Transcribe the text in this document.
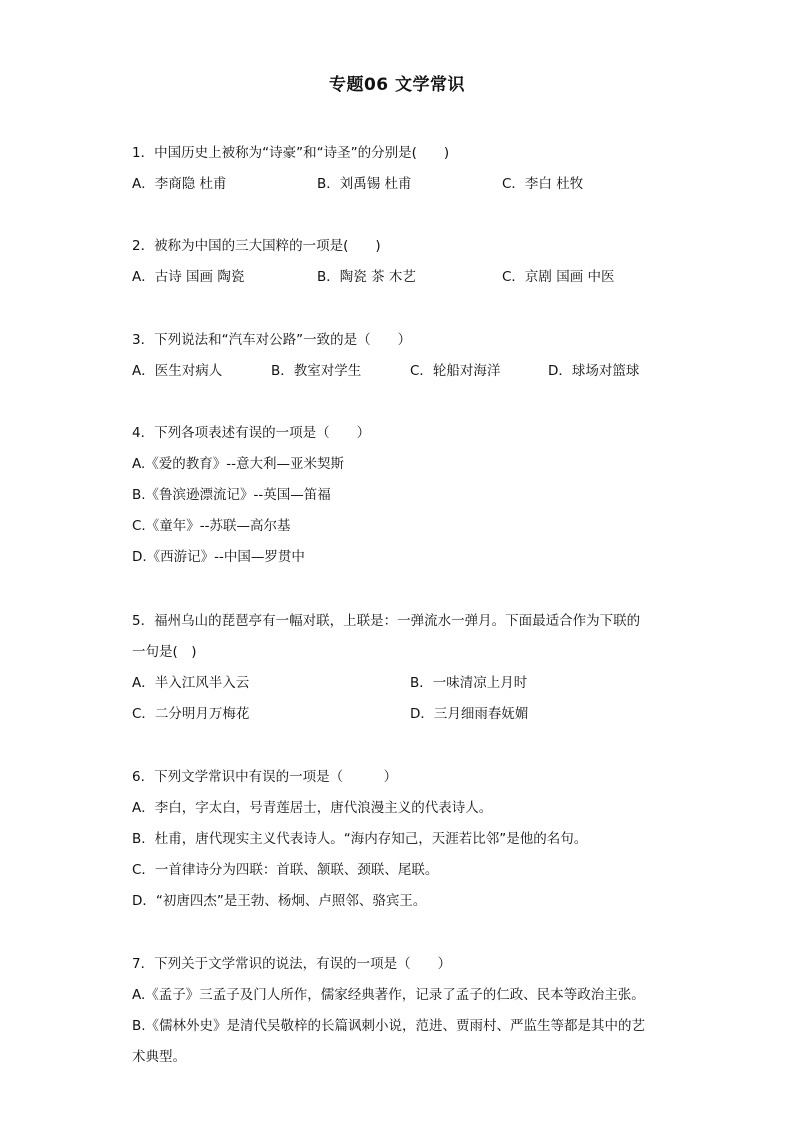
专题06 文学常识
1．中国历史上被称为“诗豪”和“诗圣”的分别是(　　)
A．李商隐 杜甫	B．刘禹锡 杜甫	C．李白 杜牧
2．被称为中国的三大国粹的一项是(　　)
A．古诗 国画 陶瓷	B．陶瓷 茶 木艺	C．京剧 国画 中医
3．下列说法和“汽车对公路”一致的是（　　）
A．医生对病人	B．教室对学生	C．轮船对海洋	D．球场对篮球
4．下列各项表述有误的一项是（　　）
A.《爱的教育》--意大利—亚米契斯
B.《鲁滨逊漂流记》--英国—笛福
C.《童年》--苏联—高尔基
D.《西游记》--中国—罗贯中
5．福州乌山的琵琶亭有一幅对联，上联是：一弹流水一弹月。下面最适合作为下联的
一句是(　)
A．半入江风半入云	B．一味清凉上月时
C．二分明月万梅花	D．三月细雨春妩媚
6．下列文学常识中有误的一项是（　　　）
A．李白，字太白，号青莲居士，唐代浪漫主义的代表诗人。
B．杜甫，唐代现实主义代表诗人。“海内存知己，天涯若比邻”是他的名句。
C．一首律诗分为四联：首联、颔联、颈联、尾联。
D．“初唐四杰”是王勃、杨炯、卢照邻、骆宾王。
7．下列关于文学常识的说法，有误的一项是（　　）
A.《孟子》三孟子及门人所作，儒家经典著作，记录了孟子的仁政、民本等政治主张。
B.《儒林外史》是清代吴敬梓的长篇讽刺小说，范进、贾雨村、严监生等都是其中的艺
术典型。
